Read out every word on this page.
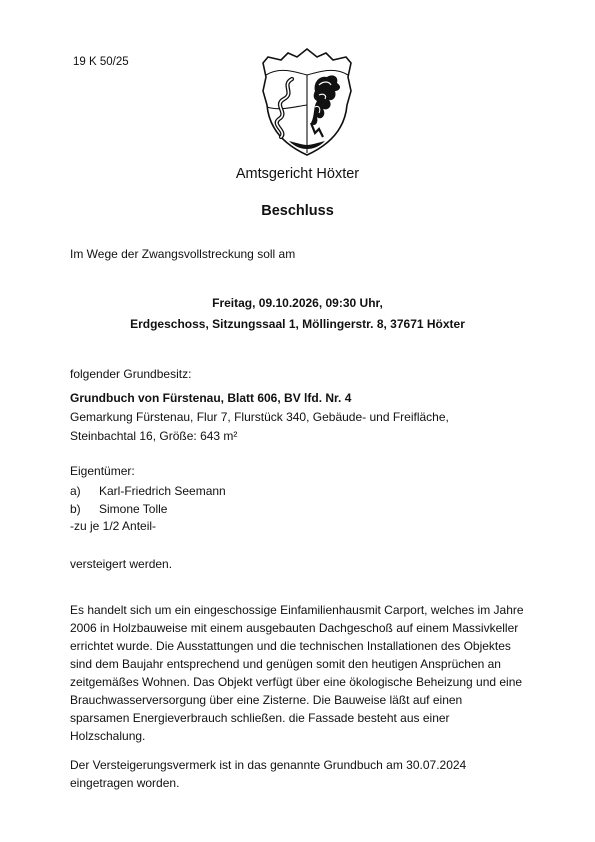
19 K 50/25
Amtsgericht Höxter
Beschluss
Im Wege der Zwangsvollstreckung soll am
Freitag, 09.10.2026, 09:30 Uhr,
Erdgeschoss, Sitzungssaal 1, Möllingerstr. 8, 37671 Höxter
folgender Grundbesitz:
Grundbuch von Fürstenau, Blatt 606, BV lfd. Nr. 4
Gemarkung Fürstenau, Flur 7, Flurstück 340, Gebäude- und Freifläche,
Steinbachtal 16, Größe: 643 m²
Eigentümer:
a) Karl-Friedrich Seemann
b) Simone Tolle
-zu je 1/2 Anteil-
versteigert werden.
Es handelt sich um ein eingeschossige Einfamilienhausmit Carport, welches im Jahre
2006 in Holzbauweise mit einem ausgebauten Dachgeschoß auf einem Massivkeller
errichtet wurde. Die Ausstattungen und die technischen Installationen des Objektes
sind dem Baujahr entsprechend und genügen somit den heutigen Ansprüchen an
zeitgemäßes Wohnen. Das Objekt verfügt über eine ökologische Beheizung und eine
Brauchwasserversorgung über eine Zisterne. Die Bauweise läßt auf einen
sparsamen Energieverbrauch schließen. die Fassade besteht aus einer
Holzschalung.
Der Versteigerungsvermerk ist in das genannte Grundbuch am 30.07.2024
eingetragen worden.
